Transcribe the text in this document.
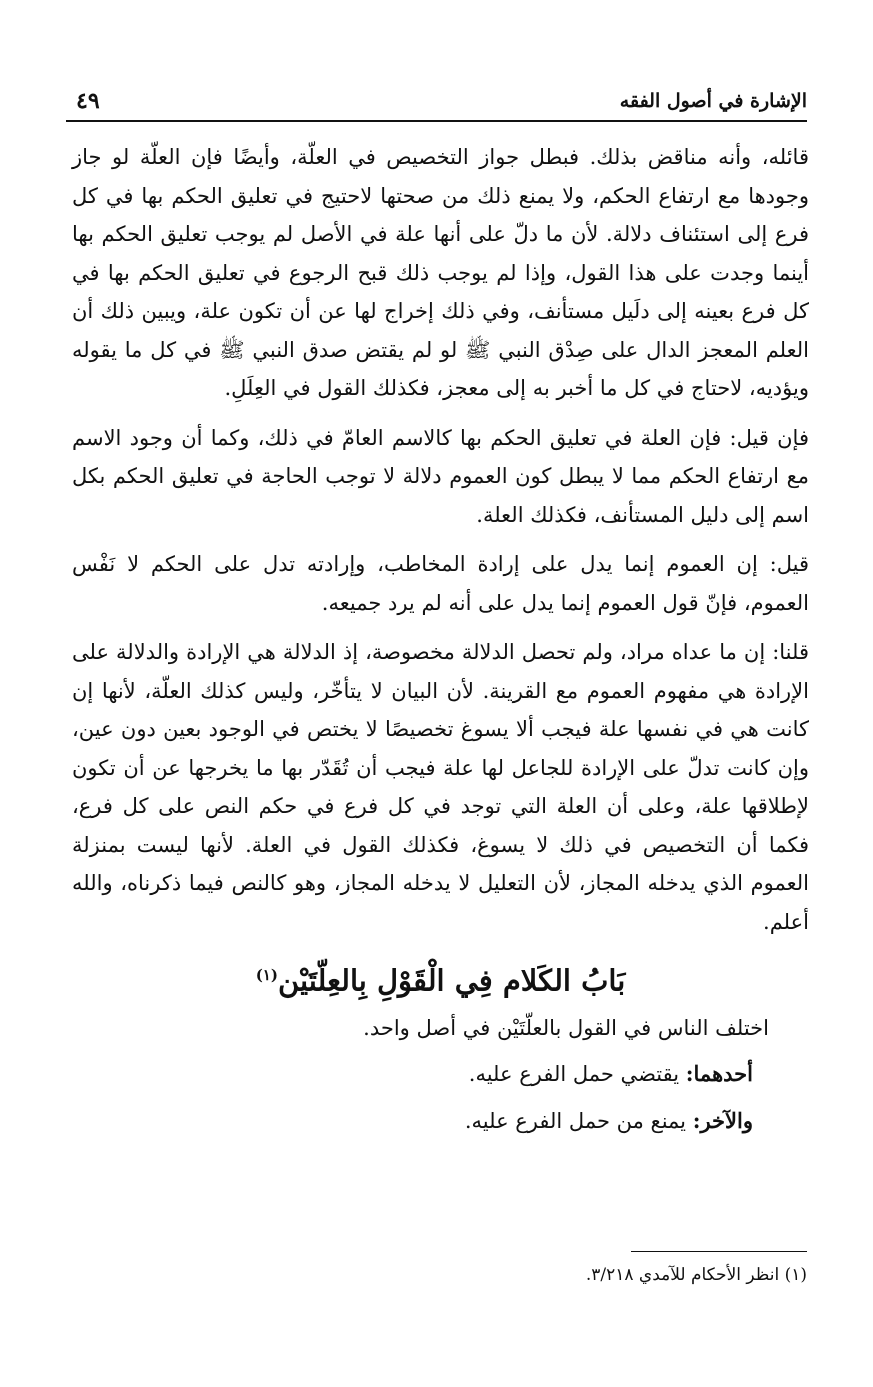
الإشارة في أصول الفقه
٤٩

قائله، وأنه مناقض بذلك. فبطل جواز التخصيص في العلّة، وأيضًا فإن العلّة لو جاز وجودها مع ارتفاع الحكم، ولا يمنع ذلك من صحتها لاحتيج في تعليق الحكم بها في كل فرع إلى استئناف دلالة. لأن ما دلّ على أنها علة في الأصل لم يوجب تعليق الحكم بها أينما وجدت على هذا القول، وإذا لم يوجب ذلك قبح الرجوع في تعليق الحكم بها في كل فرع بعينه إلى دلَيل مستأنف، وفي ذلك إخراج لها عن أن تكون علة، ويبين ذلك أن العلم المعجز الدال على صِدْق النبي ﷺ لو لم يقتض صدق النبي ﷺ في كل ما يقوله ويؤديه، لاحتاج في كل ما أخبر به إلى معجز، فكذلك القول في العِلَلِ.

فإن قيل: فإن العلة في تعليق الحكم بها كالاسم العامّ في ذلك، وكما أن وجود الاسم مع ارتفاع الحكم مما لا يبطل كون العموم دلالة لا توجب الحاجة في تعليق الحكم بكل اسم إلى دليل المستأنف، فكذلك العلة.

قيل: إن العموم إنما يدل على إرادة المخاطب، وإرادته تدل على الحكم لا نَفْس العموم، فإنّ قول العموم إنما يدل على أنه لم يرد جميعه.

قلنا: إن ما عداه مراد، ولم تحصل الدلالة مخصوصة، إذ الدلالة هي الإرادة والدلالة على الإرادة هي مفهوم العموم مع القرينة. لأن البيان لا يتأخّر، وليس كذلك العلّة، لأنها إن كانت هي في نفسها علة فيجب ألا يسوغ تخصيصًا لا يختص في الوجود بعين دون عين، وإن كانت تدلّ على الإرادة للجاعل لها علة فيجب أن تُقَدّر بها ما يخرجها عن أن تكون لإطلاقها علة، وعلى أن العلة التي توجد في كل فرع في حكم النص على كل فرع، فكما أن التخصيص في ذلك لا يسوغ، فكذلك القول في العلة. لأنها ليست بمنزلة العموم الذي يدخله المجاز، لأن التعليل لا يدخله المجاز، وهو كالنص فيما ذكرناه، والله أعلم.

بَابُ الكَلام فِي الْقَوْلِ بِالعِلّتَيْن$^{(١)}$

اختلف الناس في القول بالعلّتَيْن في أصل واحد.

أحدهما: يقتضي حمل الفرع عليه.

والآخر: يمنع من حمل الفرع عليه.

(١) انظر الأحكام للآمدي ٣/٢١٨.
